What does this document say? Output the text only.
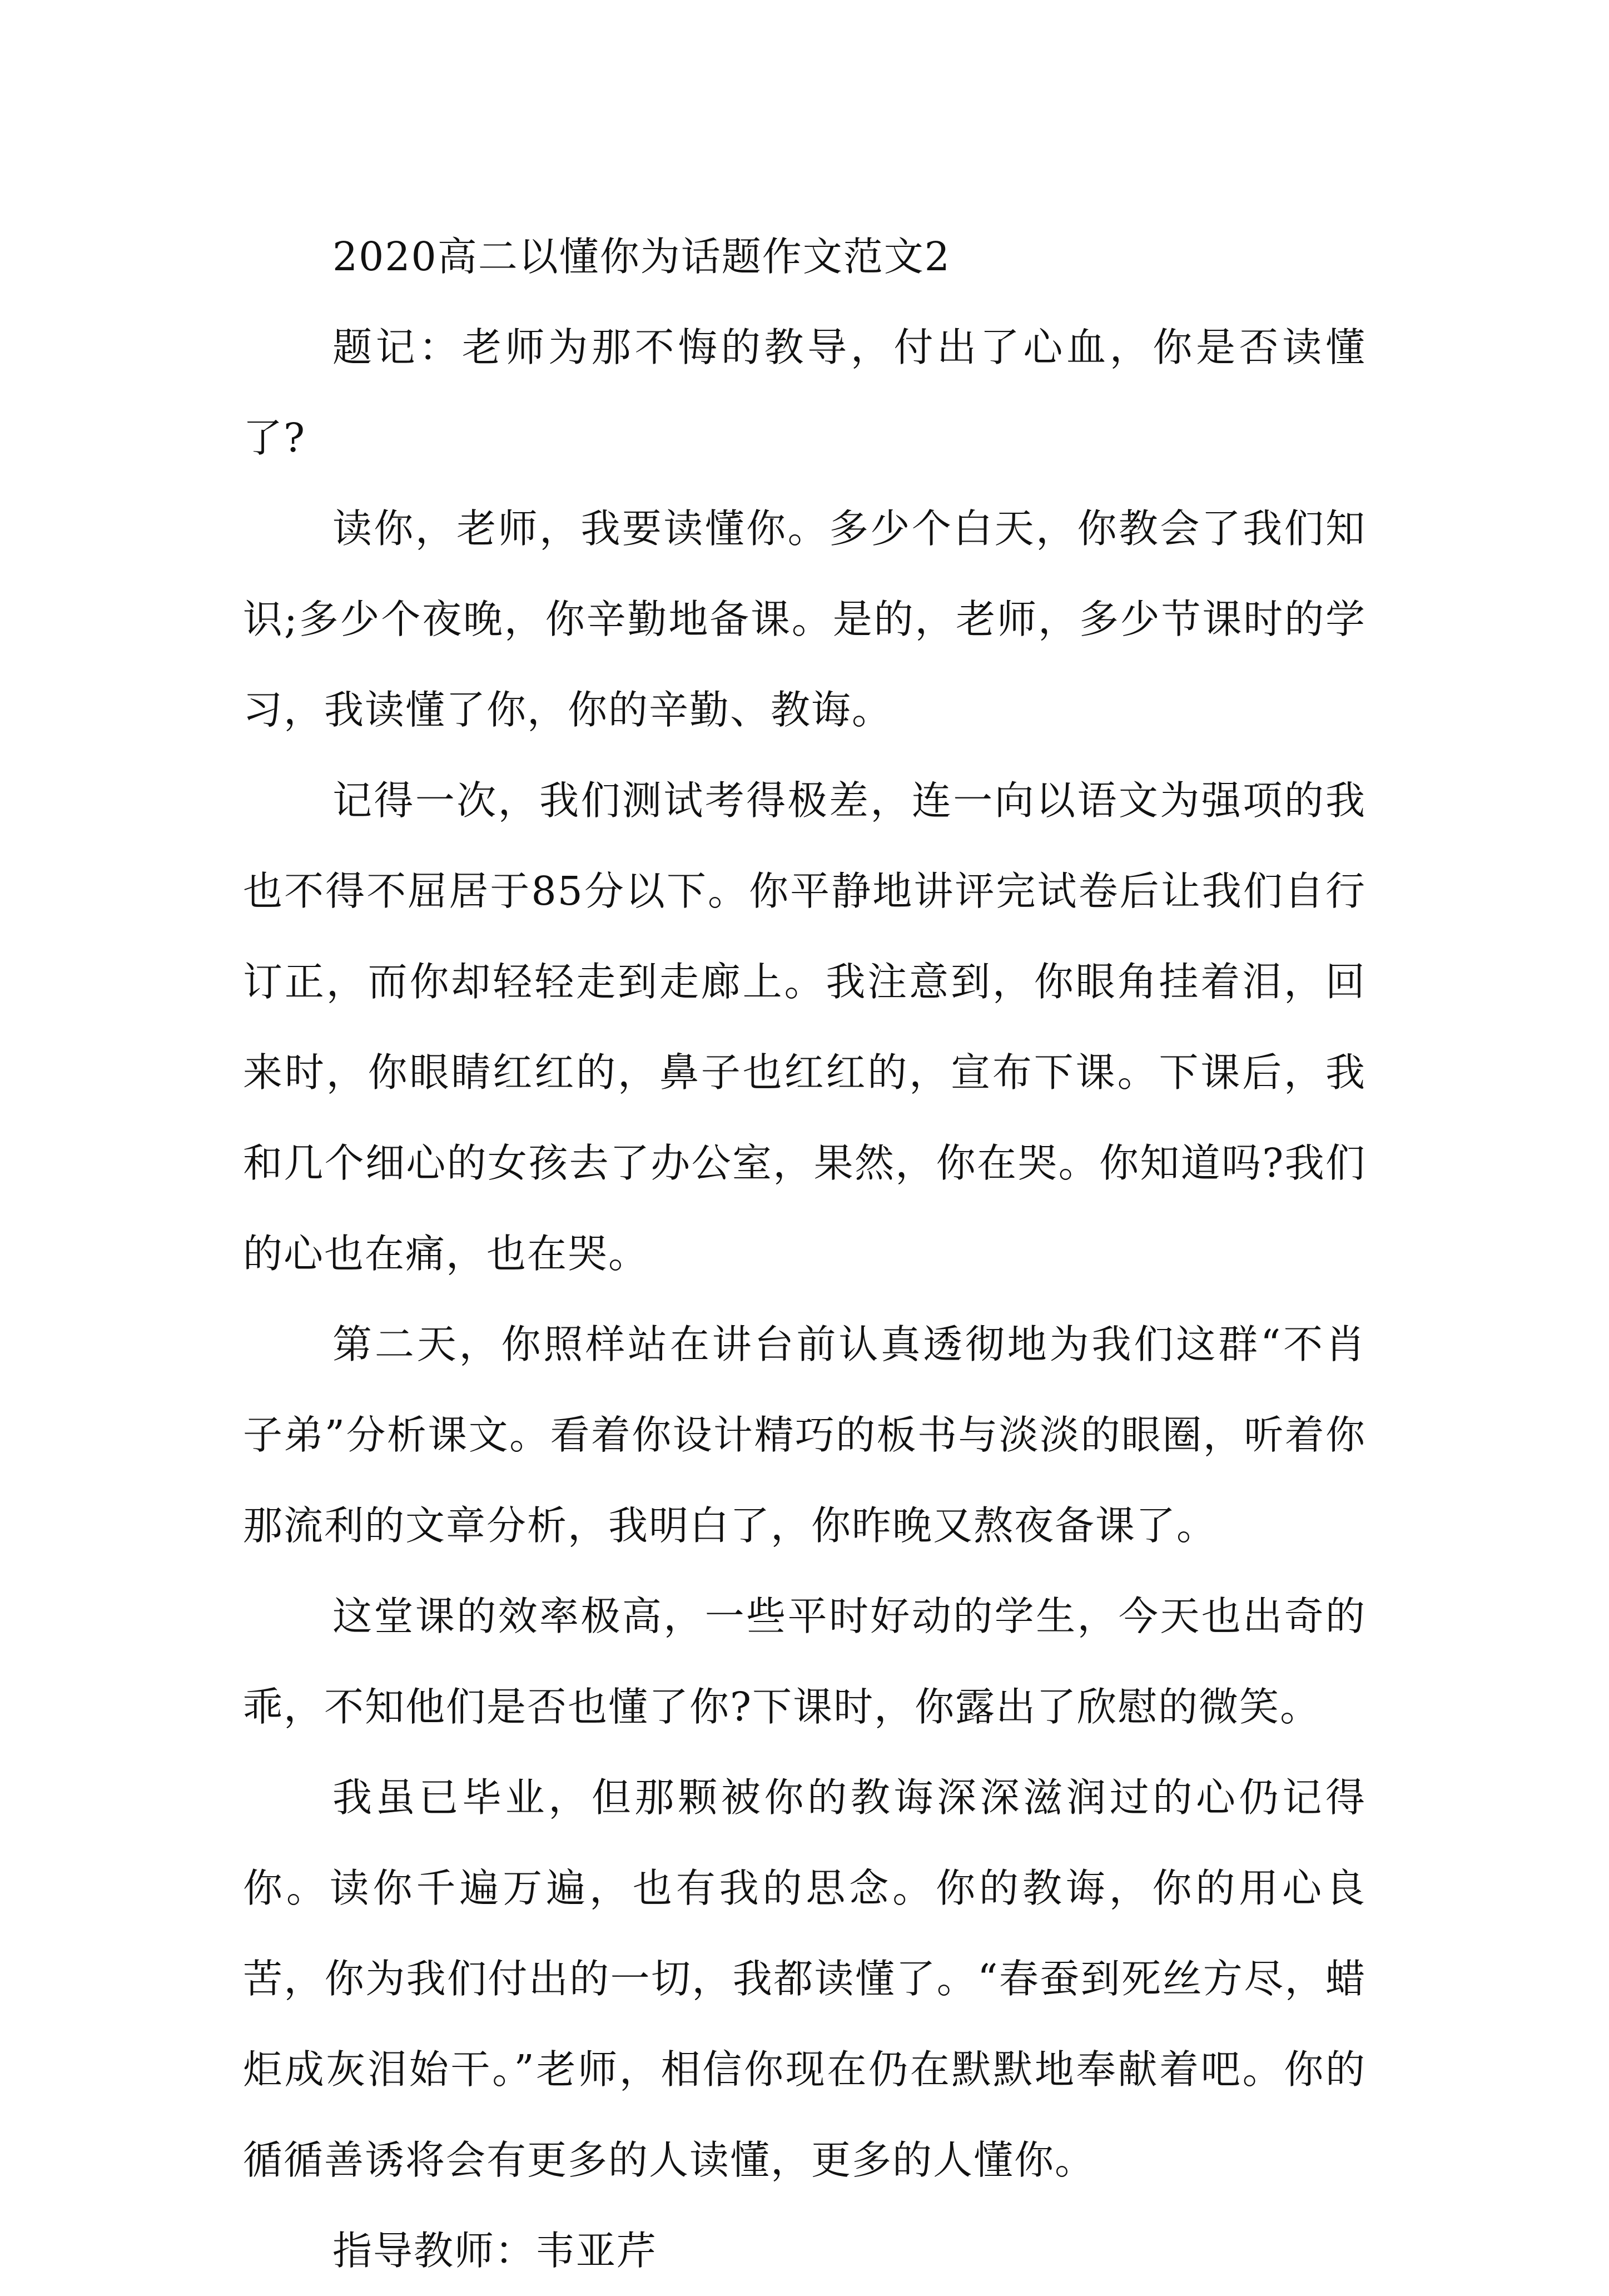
2020高二以懂你为话题作文范文2

题记：老师为那不悔的教导，付出了心血，你是否读懂了?

读你，老师，我要读懂你。多少个白天，你教会了我们知识;多少个夜晚，你辛勤地备课。是的，老师，多少节课时的学习，我读懂了你，你的辛勤、教诲。

记得一次，我们测试考得极差，连一向以语文为强项的我也不得不屈居于85分以下。你平静地讲评完试卷后让我们自行订正，而你却轻轻走到走廊上。我注意到，你眼角挂着泪，回来时，你眼睛红红的，鼻子也红红的，宣布下课。下课后，我和几个细心的女孩去了办公室，果然，你在哭。你知道吗?我们的心也在痛，也在哭。

第二天，你照样站在讲台前认真透彻地为我们这群“不肖子弟”分析课文。看着你设计精巧的板书与淡淡的眼圈，听着你那流利的文章分析，我明白了，你昨晚又熬夜备课了。

这堂课的效率极高，一些平时好动的学生，今天也出奇的乖，不知他们是否也懂了你?下课时，你露出了欣慰的微笑。

我虽已毕业，但那颗被你的教诲深深滋润过的心仍记得你。读你千遍万遍，也有我的思念。你的教诲，你的用心良苦，你为我们付出的一切，我都读懂了。“春蚕到死丝方尽，蜡炬成灰泪始干。”老师，相信你现在仍在默默地奉献着吧。你的循循善诱将会有更多的人读懂，更多的人懂你。

指导教师：韦亚芹
